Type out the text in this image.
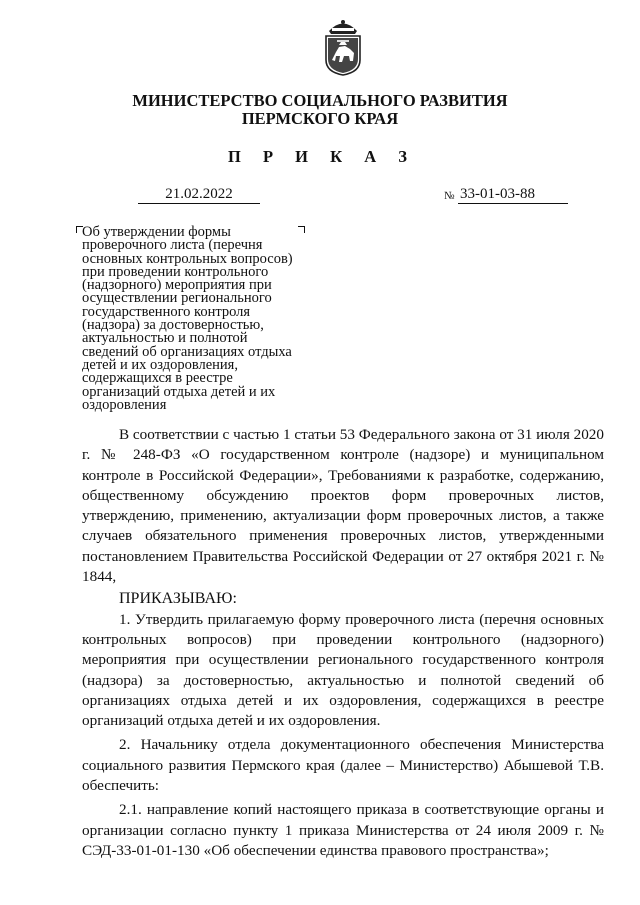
МИНИСТЕРСТВО СОЦИАЛЬНОГО РАЗВИТИЯ
ПЕРМСКОГО КРАЯ
П Р И К А З
21.02.2022	№ 33-01-03-88
Об утверждении формы
проверочного листа (перечня
основных контрольных вопросов)
при проведении контрольного
(надзорного) мероприятия при
осуществлении регионального
государственного контроля
(надзора) за достоверностью,
актуальностью и полнотой
сведений об организациях отдыха
детей и их оздоровления,
содержащихся в реестре
организаций отдыха детей и их
оздоровления

В соответствии с частью 1 статьи 53 Федерального закона от 31 июля 2020 г. № 248-ФЗ «О государственном контроле (надзоре) и муниципальном контроле в Российской Федерации», Требованиями к разработке, содержанию, общественному обсуждению проектов форм проверочных листов, утверждению, применению, актуализации форм проверочных листов, а также случаев обязательного применения проверочных листов, утвержденными постановлением Правительства Российской Федерации от 27 октября 2021 г. № 1844,

ПРИКАЗЫВАЮ:

1. Утвердить прилагаемую форму проверочного листа (перечня основных контрольных вопросов) при проведении контрольного (надзорного) мероприятия при осуществлении регионального государственного контроля (надзора) за достоверностью, актуальностью и полнотой сведений об организациях отдыха детей и их оздоровления, содержащихся в реестре организаций отдыха детей и их оздоровления.

2. Начальнику отдела документационного обеспечения Министерства социального развития Пермского края (далее – Министерство) Абышевой Т.В. обеспечить:

2.1. направление копий настоящего приказа в соответствующие органы и организации согласно пункту 1 приказа Министерства от 24 июля 2009 г. № СЭД-33-01-01-130 «Об обеспечении единства правового пространства»;
